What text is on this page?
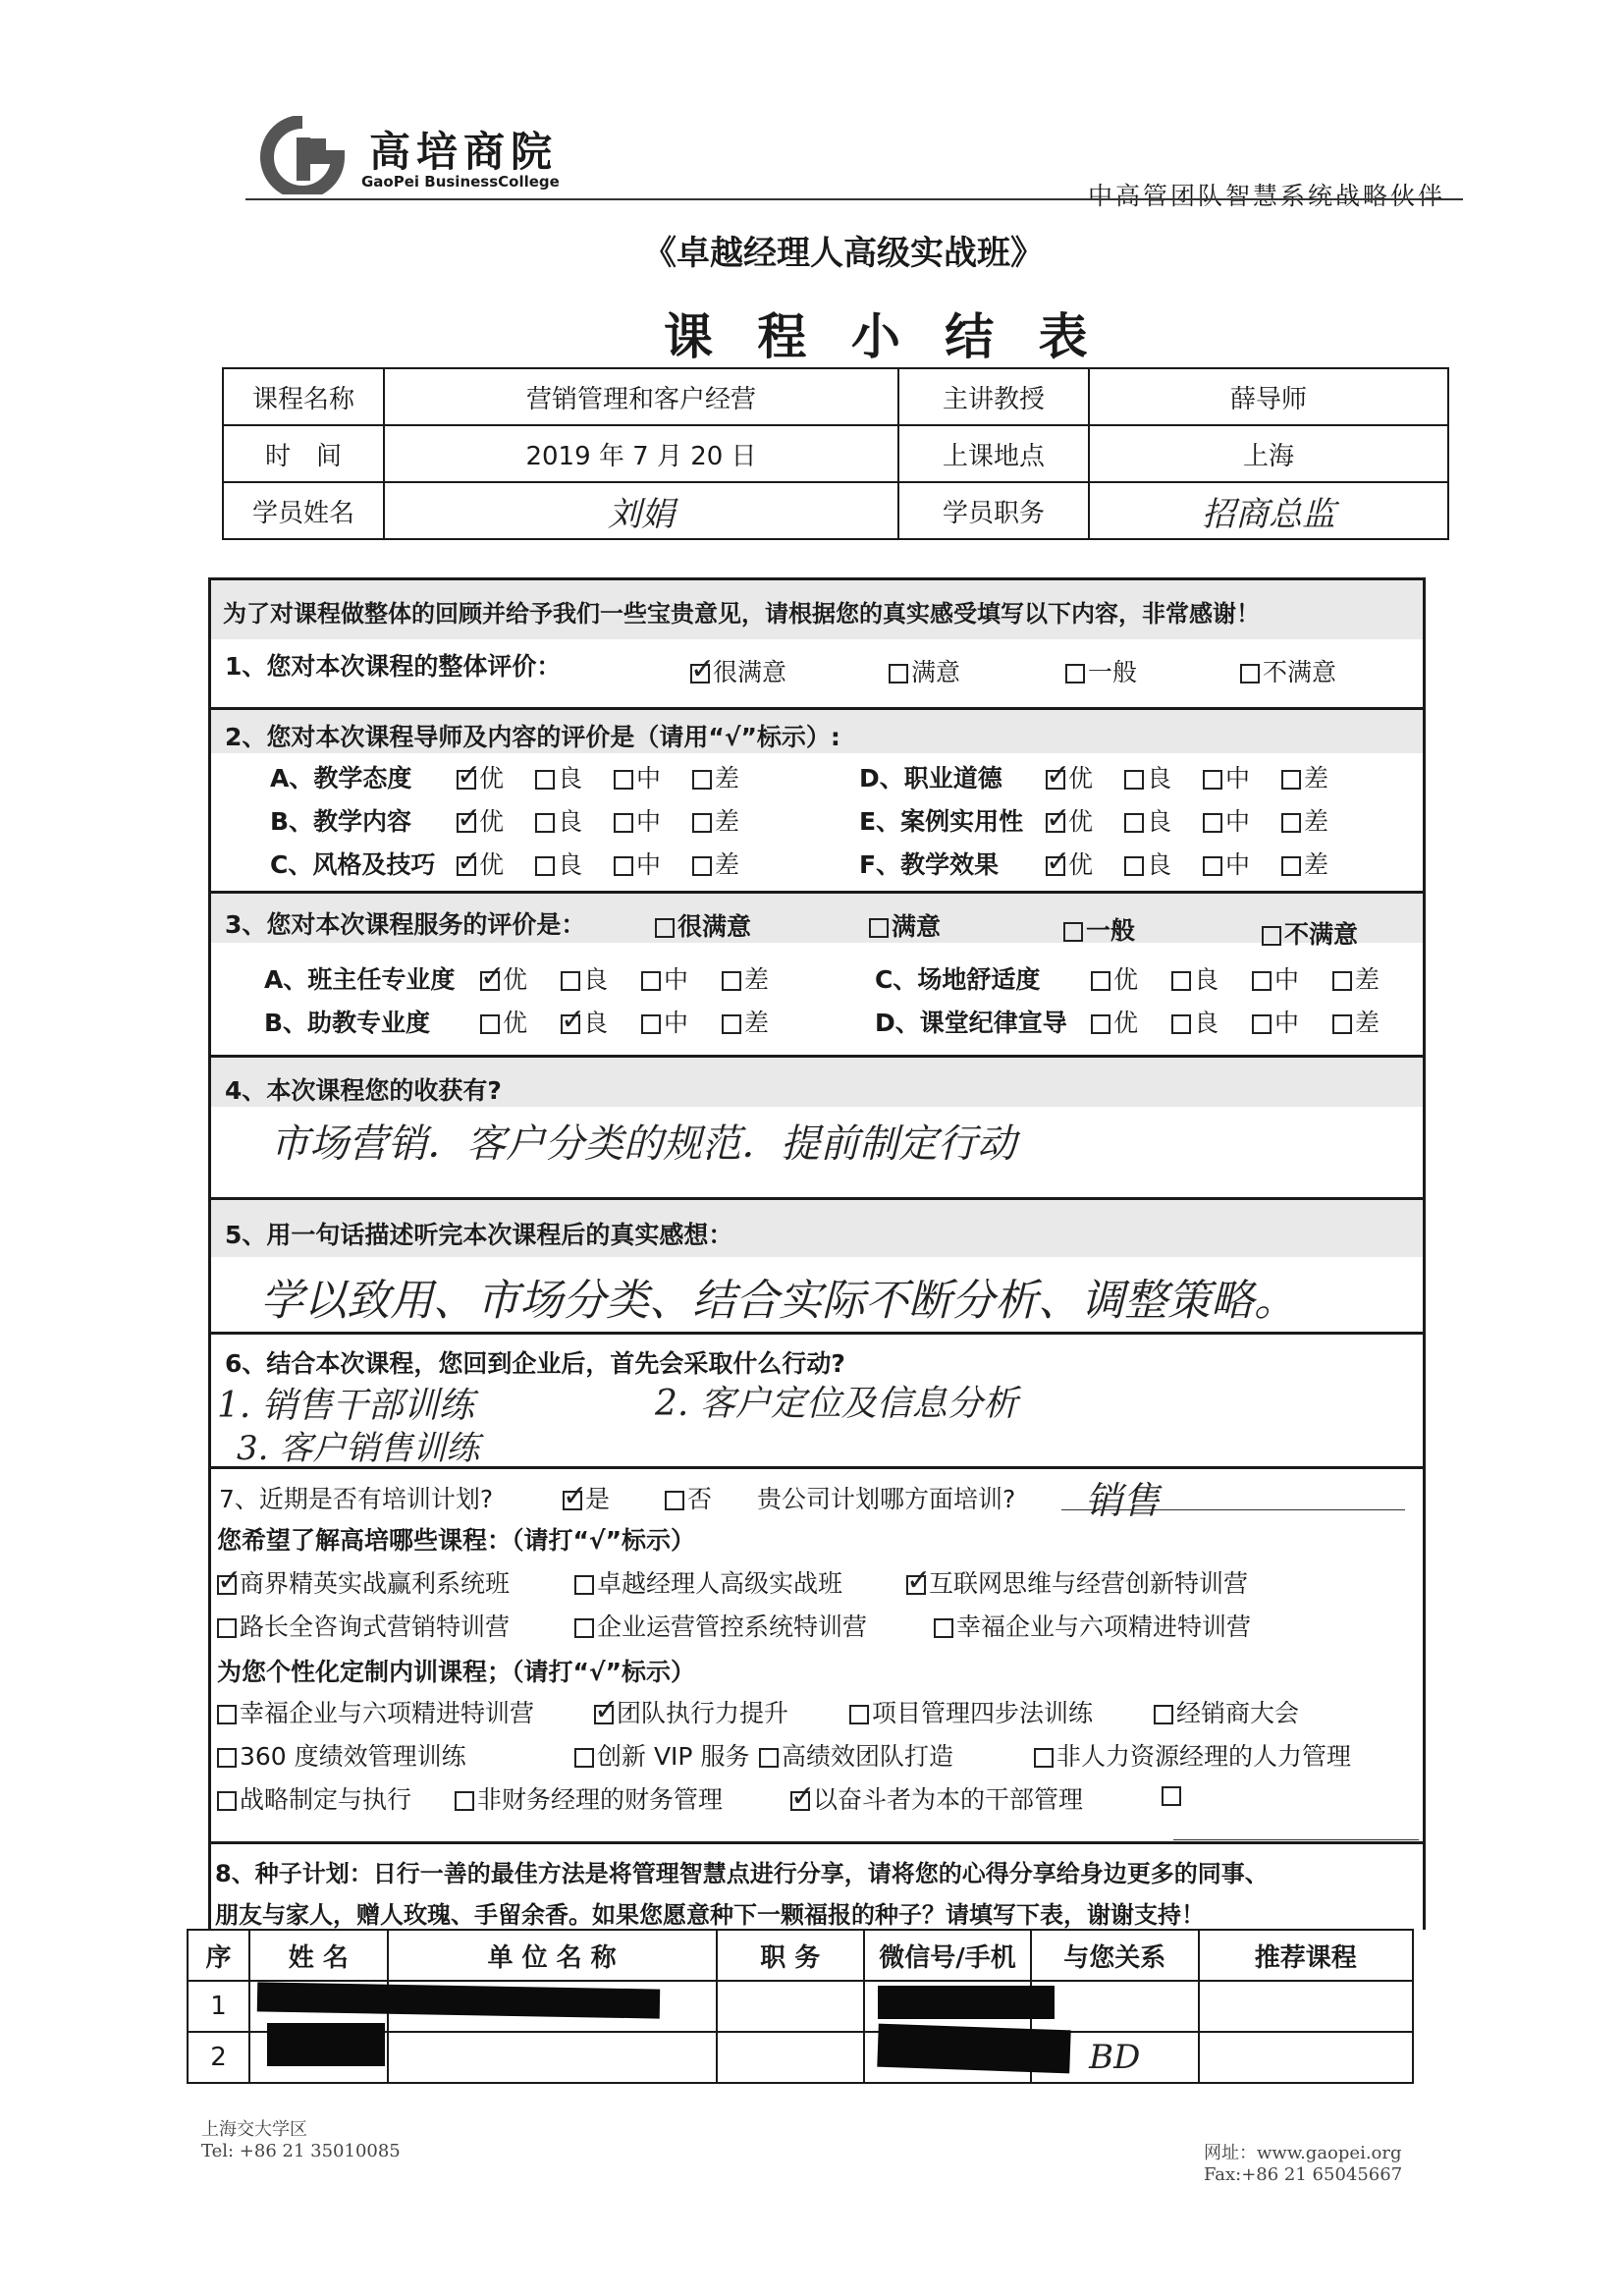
高培商院
GaoPei BusinessCollege	中高管团队智慧系统战略伙伴
《卓越经理人高级实战班》
课 程 小 结 表
课程名称	营销管理和客户经营	主讲教授	薛导师
时　间	2019 年 7 月 20 日	上课地点	上海
学员姓名	刘娟	学员职务	招商总监
为了对课程做整体的回顾并给予我们一些宝贵意见，请根据您的真实感受填写以下内容，非常感谢！
1、您对本次课程的整体评价： ✓	很满意	满意	一般	不满意
2、您对本次课程导师及内容的评价是（请用“√”标示）:
A、教学态度 ✓	优 良 中 差
B、教学内容 ✓	优 良 中 差
C、风格及技巧 ✓ 优 良 中 差
D、职业道德 ✓	优 良 中 差
E、案例实用性 ✓ 优 良 中 差
F、教学效果 ✓	优 良 中 差
3、您对本次课程服务的评价是：	很满意	满意	一般	不满意
A、班主任专业度 ✓ 优 良 中 差
B、助教专业度	优 ✓ 良 中 差
C、场地舒适度	优 良 中 差
D、课堂纪律宣导 优 良 中 差
4、本次课程您的收获有?
市场营销．客户分类的规范．提前制定行动
5、用一句话描述听完本次课程后的真实感想：
学以致用、市场分类、结合实际不断分析、调整策略。
6、结合本次课程，您回到企业后，首先会采取什么行动?
1. 销售干部训练	2. 客户定位及信息分析
3. 客户销售训练
7、近期是否有培训计划? ✓	是	否 贵公司计划哪方面培训? 销售
您希望了解高培哪些课程：（请打“√”标示）
✓商界精英实战赢利系统班	卓越经理人高级实战班 ✓	互联网思维与经营创新特训营
路长全咨询式营销特训营	企业运营管控系统特训营	幸福企业与六项精进特训营
为您个性化定制内训课程；（请打“√”标示）
幸福企业与六项精进特训营 ✓	团队执行力提升	项目管理四步法训练	经销商大会
360 度绩效管理训练	创新 VIP 服务	高绩效团队打造	非人力资源经理的人力管理
战略制定与执行	非财务经理的财务管理 ✓	以奋斗者为本的干部管理
8、种子计划：日行一善的最佳方法是将管理智慧点进行分享，请将您的心得分享给身边更多的同事、
朋友与家人，赠人玫瑰、手留余香。如果您愿意种下一颗福报的种子？请填写下表，谢谢支持！
序	姓 名	单 位 名 称	职 务	微信号/手机	与您关系	推荐课程
1						
2					BD	
上海交大学区
Tel: +86 21 35010085	网址：www.gaopei.org
Fax:+86 21 65045667
